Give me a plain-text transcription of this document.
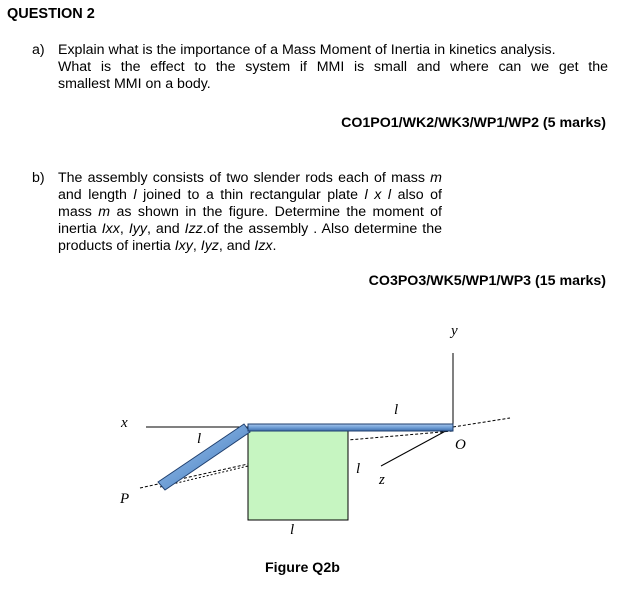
QUESTION 2
a) Explain what is the importance of a Mass Moment of Inertia in kinetics analysis.
What is the effect to the system if MMI is small and where can we get the
smallest MMI on a body.
CO1PO1/WK2/WK3/WP1/WP2 (5 marks)
b) The assembly consists of two slender rods each of mass m
and length l joined to a thin rectangular plate l x l also of
mass m as shown in the figure. Determine the moment of
inertia Ixx, Iyy, and Izz.of the assembly . Also determine the
products of inertia Ixy, Iyz, and Izx.
CO3PO3/WK5/WP1/WP3 (15 marks)
y
x
O
P
z
l
l
l
l
Figure Q2b
